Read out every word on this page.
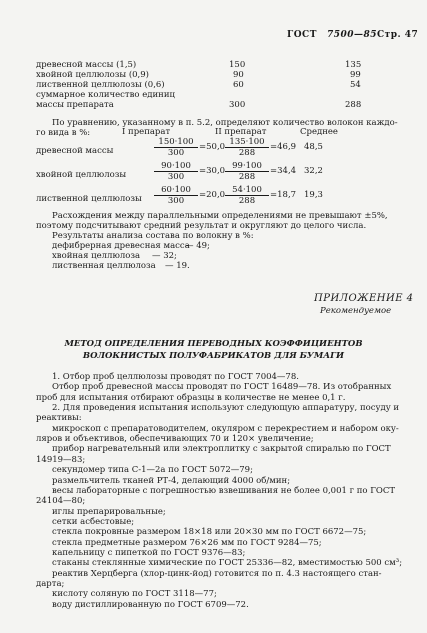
ГОСТ 7500—85 Стр. 47
древесной массы (1,5)	150	135
хвойной целлюлозы (0,9)	90	99
лиственной целлюлозы (0,6)	60	54
суммарное количество единиц
массы препарата	300	288
По уравнению, указанному в п. 5.2, определяют количество волокон каждо-
го вида в %:	I препарат	II препарат	Среднее
древесной массы	$\frac{150\cdot 100}{300} =50,0 \frac{135\cdot 100}{288} =46,9$ 48,5
хвойной целлюлозы	$\frac{90\cdot 100}{300} =30,0 \frac{99\cdot 100}{288} =34,4$ 32,2
лиственной целлюлозы $\frac{60\cdot 100}{300} =20,0 \frac{54\cdot 100}{288} =18,7$ 19,3
Расхождения между параллельными определениями не превышают ±5%,
поэтому подсчитывают средний результат и округляют до целого числа.
Результаты анализа состава по волокну в %:
дефибрерная древесная масса
— 49;
хвойная целлюлоза — 32;
лиственная целлюлоза — 19.
ПРИЛОЖЕНИЕ 4
Рекомендуемое
МЕТОД ОПРЕДЕЛЕНИЯ ПЕРЕВОДНЫХ КОЭФФИЦИЕНТОВ
ВОЛОКНИСТЫХ ПОЛУФАБРИКАТОВ ДЛЯ БУМАГИ
1. Отбор проб целлюлозы проводят по ГОСТ 7004—78.
Отбор проб древесной массы проводят по ГОСТ 16489—78. Из отобранных
проб для испытания отбирают образцы в количестве не менее 0,1 г.
2. Для проведения испытания используют следующую аппаратуру, посуду и
реактивы:
микроскоп с препаратоводителем, окуляром с перекрестием и набором оку-
ляров и объективов, обеспечивающих 70 и 120× увеличение;
прибор нагревательный или электроплитку с закрытой спиралью по ГОСТ
14919—83;
секундомер типа С-1—2а по ГОСТ 5072—79;
размельчитель тканей РТ-4, делающий 4000 об/мин;
весы лабораторные с погрешностью взвешивания не более 0,001 г по ГОСТ
24104—80;
иглы препарировальные;
сетки асбестовые;
стекла покровные размером 18×18 или 20×30 мм по ГОСТ 6672—75;
стекла предметные размером 76×26 мм по ГОСТ 9284—75;
капельницу с пипеткой по ГОСТ 9376—83;
стаканы стеклянные химические по ГОСТ 25336—82, вместимостью 500 см³;
реактив Херцберга (хлор-цинк-йод) готовится по п. 4.3 настоящего стан-
дарта;
кислоту соляную по ГОСТ 3118—77;
воду дистиллированную по ГОСТ 6709—72.
